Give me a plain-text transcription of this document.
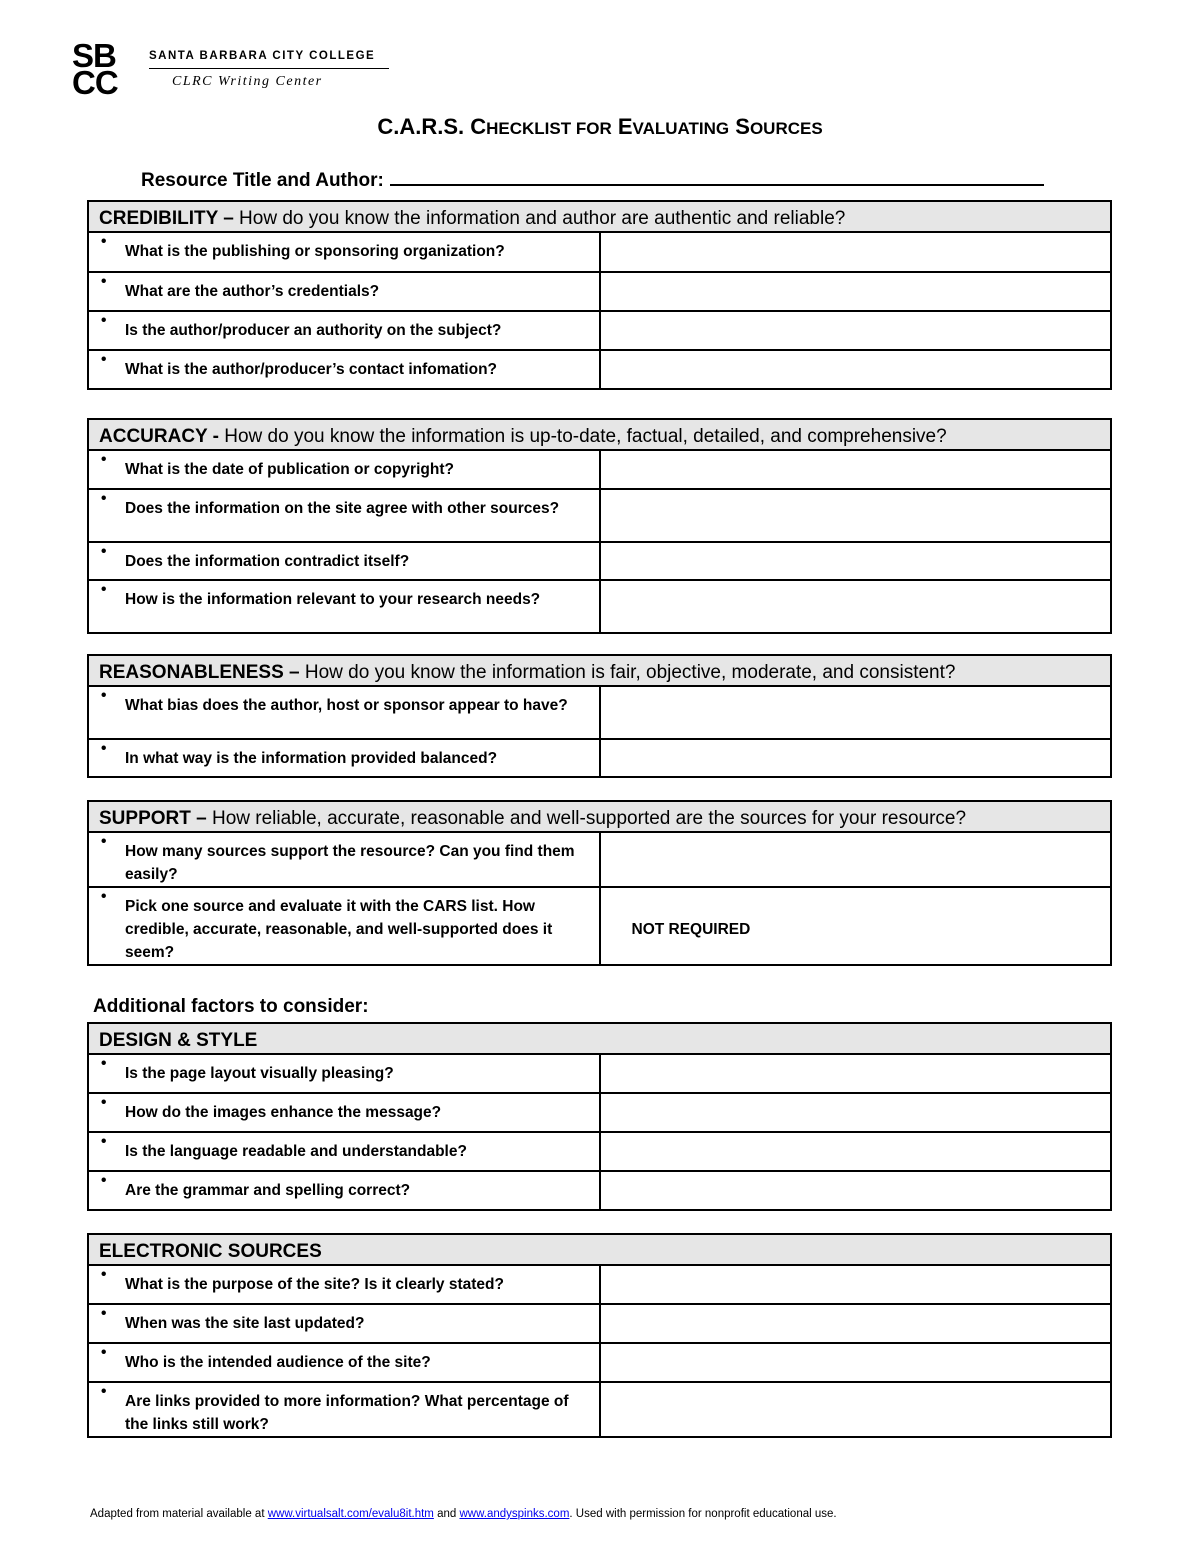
SB
CC
SANTA BARBARA CITY COLLEGE
CLRC Writing Center
C.A.R.S. CHECKLIST FOR EVALUATING SOURCES
Resource Title and Author:
CREDIBILITY – How do you know the information and author are authentic and reliable?	

•
What is the publishing or sponsoring organization?	

•
What are the author’s credentials?	

•
Is the author/producer an authority on the subject?	

•
What is the author/producer’s contact infomation?	

ACCURACY - How do you know the information is up-to-date, factual, detailed, and comprehensive?	

•
What is the date of publication or copyright?	

•
Does the information on the site agree with other sources?	

•
Does the information contradict itself?	

•
How is the information relevant to your research needs?	

REASONABLENESS – How do you know the information is fair, objective, moderate, and consistent?	

•
What bias does the author, host or sponsor appear to have?	

•
In what way is the information provided balanced?	

SUPPORT – How reliable, accurate, reasonable and well-supported are the sources for your resource?	

•
How many sources support the resource? Can you find them easily?	

•
Pick one source and evaluate it with the CARS list. How credible, accurate, reasonable, and well-supported does it seem?	NOT REQUIRED
Additional factors to consider:
DESIGN & STYLE	

•
Is the page layout visually pleasing?	

•
How do the images enhance the message?	

•
Is the language readable and understandable?	

•
Are the grammar and spelling correct?	

ELECTRONIC SOURCES	

•
What is the purpose of the site? Is it clearly stated?	

•
When was the site last updated?	

•
Who is the intended audience of the site?	

•
Are links provided to more information? What percentage of the links still work?	

Adapted from material available at www.virtualsalt.com/evalu8it.htm and www.andyspinks.com. Used with permission for nonprofit educational use.
